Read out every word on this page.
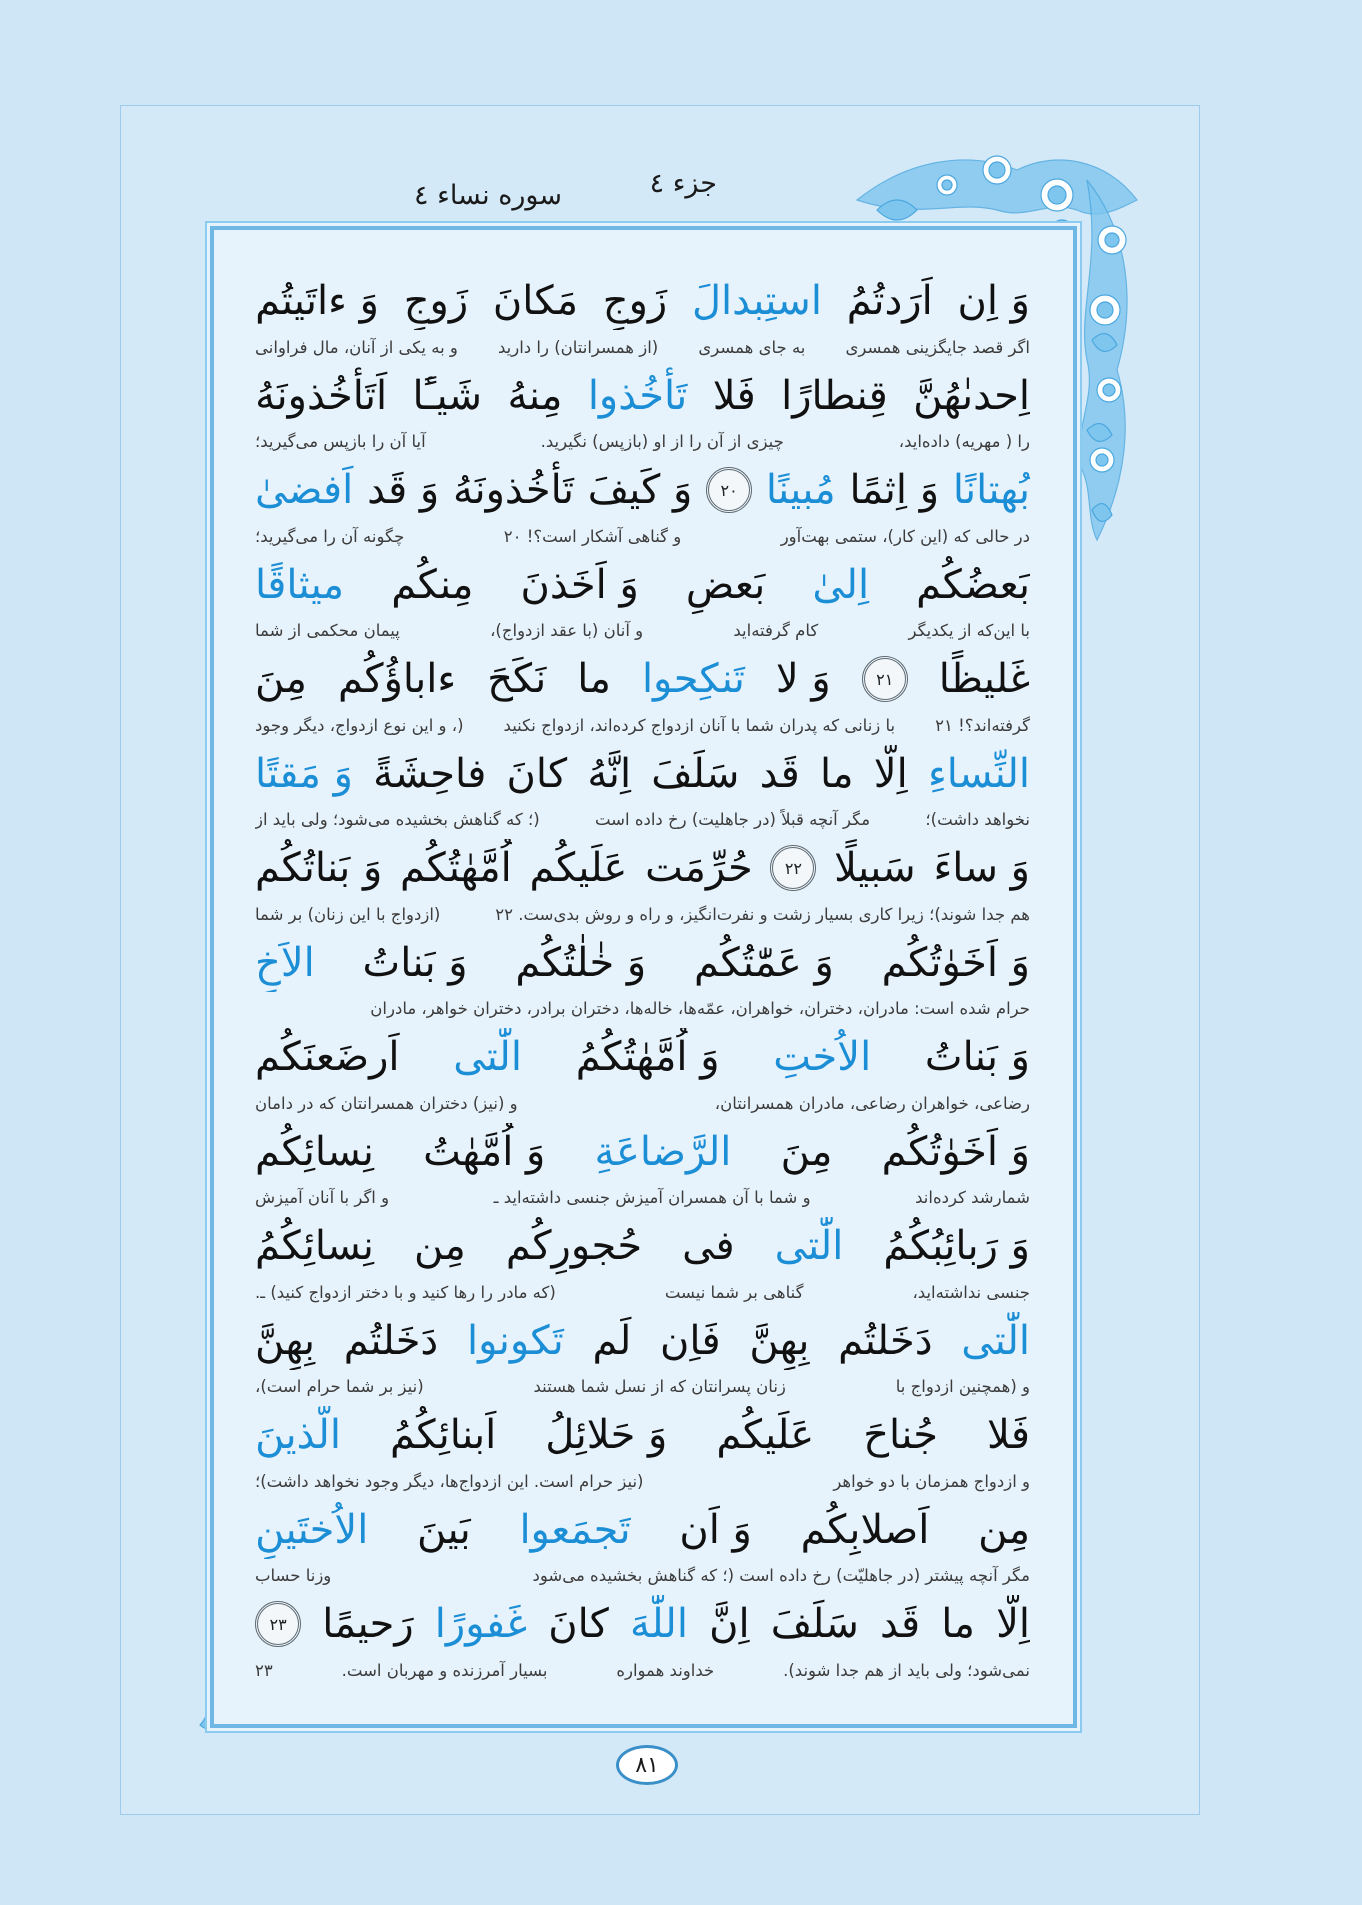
جزء ٤
سوره نساء ٤
وَ اِن
اَرَدتُمُ
استِبدالَ
زَوجٍ
مَكانَ
زَوجٍ
وَ ءاتَيتُم
اگر قصد جایگزینی همسری
به جای همسری
(از همسرانتان) را دارید
و به یکی از آنان، مال فراوانی
اِحدىٰهُنَّ
قِنطارًا
فَلا
تَأخُذوا
مِنهُ
شَيـًٔا
اَتَأخُذونَهُ
را ( مهریه) داده‌اید،
چیزی از آن را از او (بازپس) نگیرید.
آیا آن را بازپس می‌گیرید؛
بُهتانًا
وَ اِثمًا
مُبينًا
٢٠
وَ كَيفَ
تَأخُذونَهُ
وَ قَد
اَفضىٰ
در حالی که (این کار)، ستمی بهت‌آور
و گناهی آشکار است؟! ٢٠
چگونه آن را می‌گیرید؛
بَعضُكُم
اِلىٰ
بَعضٍ
وَ اَخَذنَ
مِنكُم
ميثاقًا
با این‌که از یکدیگر
کام گرفته‌اید
و آنان (با عقد ازدواج)،
پیمان محکمی از شما
غَليظًا
٢١
وَ لا
تَنكِحوا
ما
نَكَحَ
ءاباؤُكُم
مِنَ
گرفته‌اند؟! ٢١
با زنانی که پدران شما با آنان ازدواج کرده‌اند، ازدواج نکنید
(، و این نوع ازدواج، دیگر وجود
النِّساءِ
اِلّا
ما
قَد
سَلَفَ
اِنَّهُ
كانَ
فاحِشَةً
وَ مَقتًا
نخواهد داشت)؛
مگر آنچه قبلاً (در جاهلیت) رخ داده است
(؛ که گناهش بخشیده می‌شود؛ ولی باید از
وَ ساءَ
سَبيلًا
٢٢
حُرِّمَت
عَلَيكُم
اُمَّهٰتُكُم
وَ بَناتُكُم
هم جدا شوند)؛ زیرا کاری بسیار زشت و نفرت‌انگیز، و راه و روش بدی‌ست. ٢٢
(ازدواج با این زنان) بر شما
وَ اَخَوٰتُكُم
وَ عَمّٰتُكُم
وَ خٰلٰتُكُم
وَ بَناتُ
الاَخِ
حرام شده است: مادران، دختران، خواهران، عمّه‌ها، خاله‌ها، دختران برادر، دختران خواهر، مادران
وَ بَناتُ
الاُختِ
وَ اُمَّهٰتُكُمُ
الّٰتى
اَرضَعنَكُم
رضاعی، خواهران رضاعی، مادران همسرانتان،
و (نیز) دختران همسرانتان که در دامان
وَ اَخَوٰتُكُم
مِنَ
الرَّضاعَةِ
وَ اُمَّهٰتُ
نِسائِكُم
شمارشد کرده‌اند
و شما با آن همسران آمیزش جنسی داشته‌اید ـ
و اگر با آنان آمیزش
وَ رَبائِبُكُمُ
الّٰتى
فى
حُجورِكُم
مِن
نِسائِكُمُ
جنسی نداشته‌اید،
گناهی بر شما نیست
(که مادر را رها کنید و با دختر ازدواج کنید) ـ.
الّٰتى
دَخَلتُم
بِهِنَّ
فَاِن
لَم
تَكونوا
دَخَلتُم
بِهِنَّ
و (همچنین ازدواج با
زنان پسرانتان که از نسل شما هستند
(نیز بر شما حرام است)،
فَلا
جُناحَ
عَلَيكُم
وَ حَلائِلُ
اَبنائِكُمُ
الَّذينَ
و ازدواج همزمان با دو خواهر
(نیز حرام است. این ازدواج‌ها، دیگر وجود نخواهد داشت)؛
مِن
اَصلابِكُم
وَ اَن
تَجمَعوا
بَينَ
الاُختَينِ
مگر آنچه پیشتر (در جاهلیّت) رخ داده است (؛ که گناهش بخشیده می‌شود
وزنا حساب
اِلّا
ما
قَد
سَلَفَ
اِنَّ
اللّٰهَ
كانَ
غَفورًا
رَحيمًا
٢٣
نمی‌شود؛ ولی باید از هم جدا شوند).
خداوند همواره
بسیار آمرزنده و مهربان است.
٢٣
٨١
